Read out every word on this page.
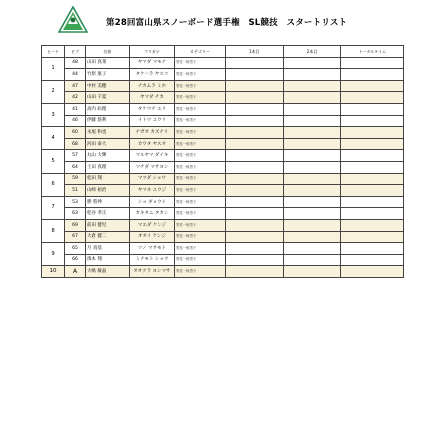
第28回富山県スノーボード選手権　SL競技　スタートリスト
ヒート	ビブ	名前	フリガナ	カテゴリー	1本目	2本目	トータルタイム
1	48	山田 真菜	ヤマダ マモナ	男性一般男子			
	44	竹原 康子	タケハラ ヤスコ	男性一般男子			
2	47	中村 美穂	ナカムラ ミホ	男性一般男子			
	42	山田 千夏	ヤマダ チカ	男性一般男子			
3	41	高内 絵理	タケウチ エリ	男性一般男子			
	46	伊藤 悠利	イトウ ユウリ	男性一般男子			
4	60	永尾 和也	ナガオ カズナリ	男性一般男子			
	68	河田 泰大	カワタ ヤスオ	男性一般男子			
5	57	丸山 大輝	マルヤマ ダイキ	男性一般男子			
	64	土田 真理	ツチダ マサヨシ	男性一般男子			
6	59	松田 翔	マツダ ショウ	男性一般男子			
	51	山崎 裕治	ヤマネ ユウジ	男性一般男子			
7	53	勝 將伸	ショ ギョウイ	男性一般男子			
	63	桂谷 孝正	カキタニ タカシ	男性一般男子			
8	69	前田 健児	マエダ ケンジ	男性一般男子			
	67	大倉 健二	オオイ ケンジ	男性一般男子			
9	65	月 真基	ツノ マサモト	男性一般男子			
	66	湊本 翔	ミナモト ショウ	男性一般男子			
10	A	大嶋 敏晶	オオクラ ヨシマサ	男性一般男子			
